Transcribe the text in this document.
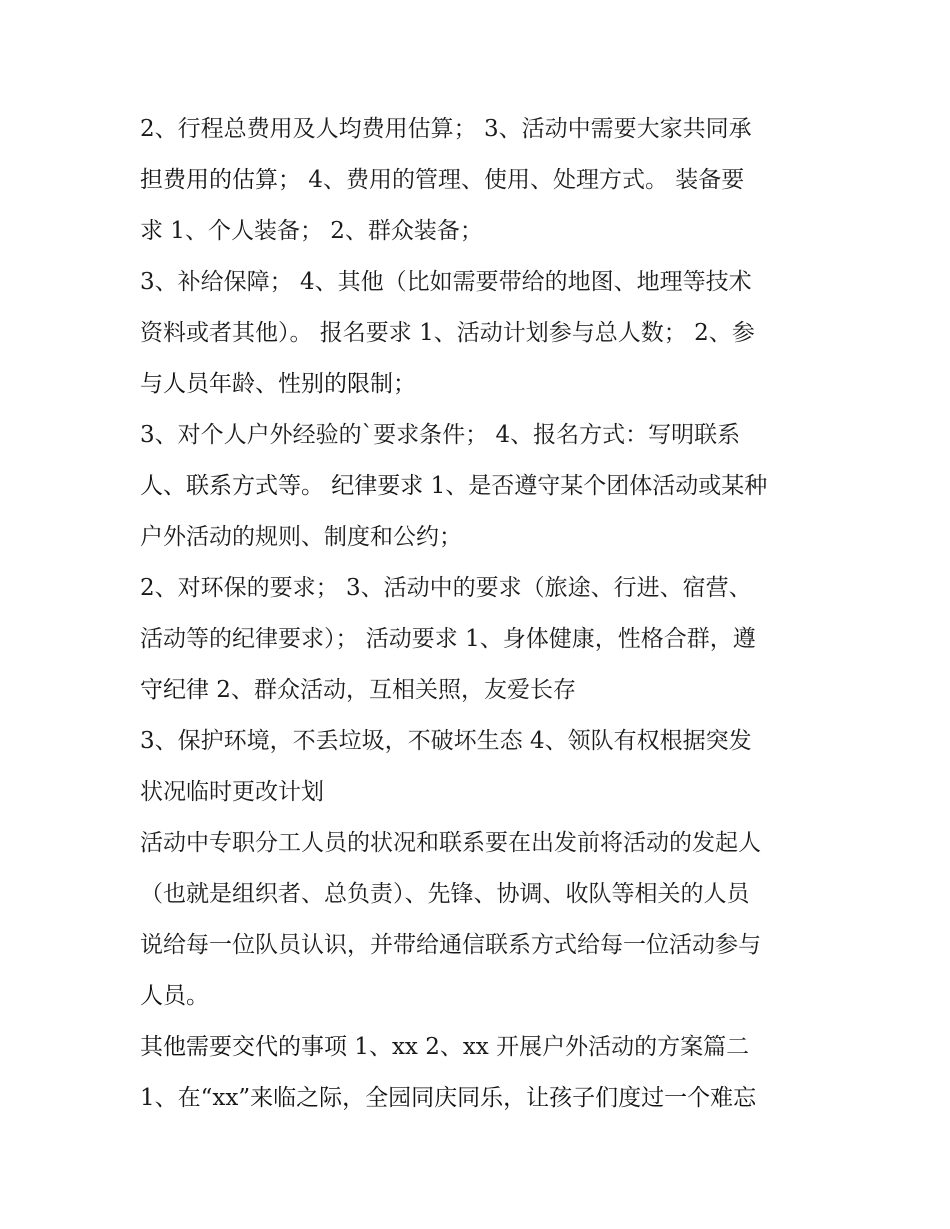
2、行程总费用及人均费用估算； 3、活动中需要大家共同承
担费用的估算； 4、费用的管理、使用、处理方式。 装备要
求 1、个人装备； 2、群众装备；
3、补给保障； 4、其他（比如需要带给的地图、地理等技术
资料或者其他）。 报名要求 1、活动计划参与总人数； 2、参
与人员年龄、性别的限制；
3、对个人户外经验的`要求条件； 4、报名方式：写明联系
人、联系方式等。 纪律要求 1、是否遵守某个团体活动或某种
户外活动的规则、制度和公约；
2、对环保的要求； 3、活动中的要求（旅途、行进、宿营、
活动等的纪律要求）； 活动要求 1、身体健康，性格合群，遵
守纪律 2、群众活动，互相关照，友爱长存
3、保护环境，不丢垃圾，不破坏生态 4、领队有权根据突发
状况临时更改计划
活动中专职分工人员的状况和联系要在出发前将活动的发起人
（也就是组织者、总负责）、先锋、协调、收队等相关的人员
说给每一位队员认识，并带给通信联系方式给每一位活动参与
人员。
其他需要交代的事项 1、xx 2、xx 开展户外活动的方案篇二
1、在“xx”来临之际，全园同庆同乐，让孩子们度过一个难忘
